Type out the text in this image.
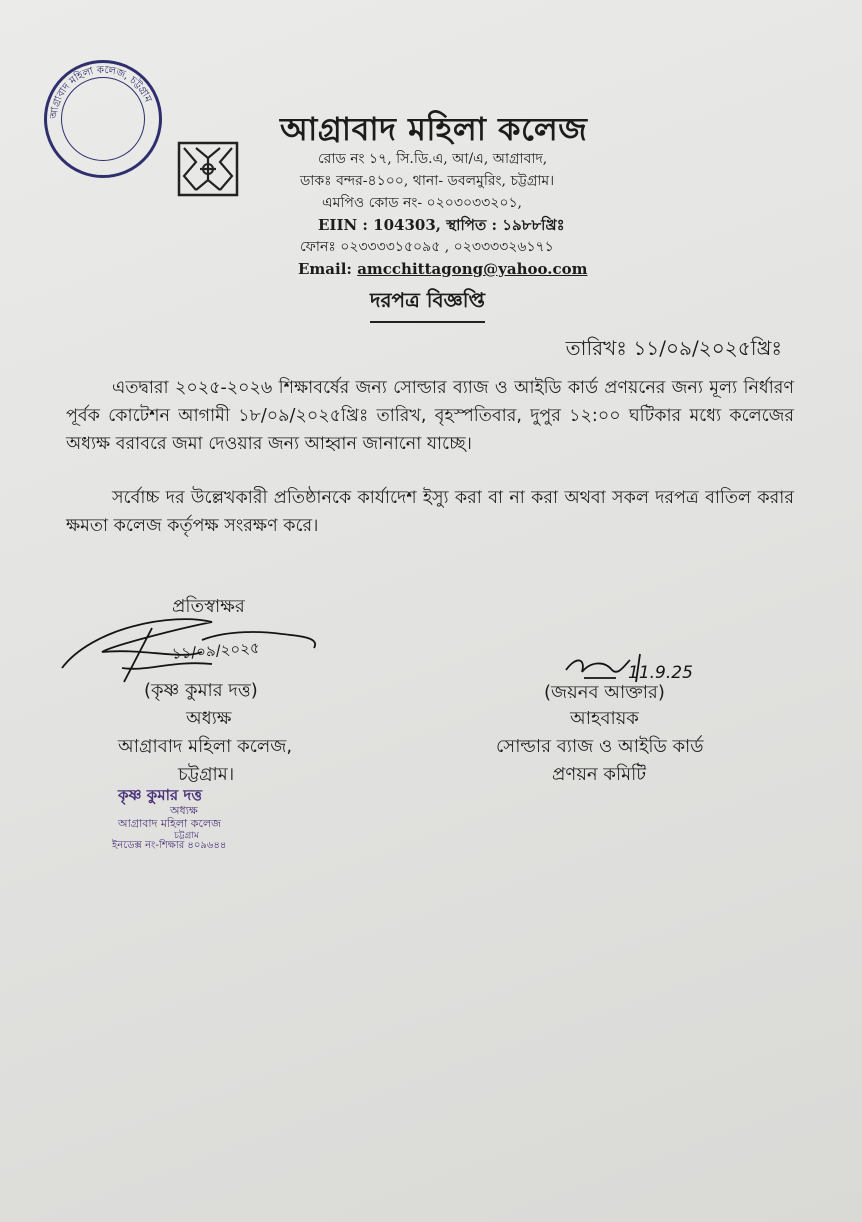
আগ্রাবাদ মহিলা কলেজ, চট্টগ্রাম
আগ্রাবাদ মহিলা কলেজ
রোড নং ১৭, সি.ডি.এ, আ/এ, আগ্রাবাদ,
ডাকঃ বন্দর-৪১০০, থানা- ডবলমুরিং, চট্টগ্রাম।
এমপিও কোড নং- ০২০৩০৩৩২০১,
EIIN : 104303, স্থাপিত : ১৯৮৮খ্রিঃ
ফোনঃ ০২৩৩৩৩১৫০৯৫ , ০২৩৩৩৩২৬১৭১
Email: amcchittagong@yahoo.com
দরপত্র বিজ্ঞপ্তি
তারিখঃ ১১/০৯/২০২৫খ্রিঃ
এতদ্বারা ২০২৫-২০২৬ শিক্ষাবর্ষের জন্য সোল্ডার ব্যাজ ও আইডি কার্ড প্রণয়নের জন্য মূল্য নির্ধারণ পূর্বক কোটেশন আগামী ১৮/০৯/২০২৫খ্রিঃ তারিখ, বৃহস্পতিবার, দুপুর ১২:০০ ঘটিকার মধ্যে কলেজের অধ্যক্ষ বরাবরে জমা দেওয়ার জন্য আহ্বান জানানো যাচ্ছে।
সর্বোচ্চ দর উল্লেখকারী প্রতিষ্ঠানকে কার্যাদেশ ইস্যু করা বা না করা অথবা সকল দরপত্র বাতিল করার ক্ষমতা কলেজ কর্তৃপক্ষ সংরক্ষণ করে।
প্রতিস্বাক্ষর
১১/০৯/২০২৫
(কৃষ্ণ কুমার দত্ত)
অধ্যক্ষ
আগ্রাবাদ মহিলা কলেজ,
চট্টগ্রাম।
কৃষ্ণ কুমার দত্ত
অধ্যক্ষ
আগ্রাবাদ মহিলা কলেজ
চট্টগ্রাম
ইনডেক্স নং-শিক্ষার ৪০৯৬৪৪
11.9.25
(জয়নব আক্তার)
আহবায়ক
সোল্ডার ব্যাজ ও আইডি কার্ড
প্রণয়ন কমিটি
